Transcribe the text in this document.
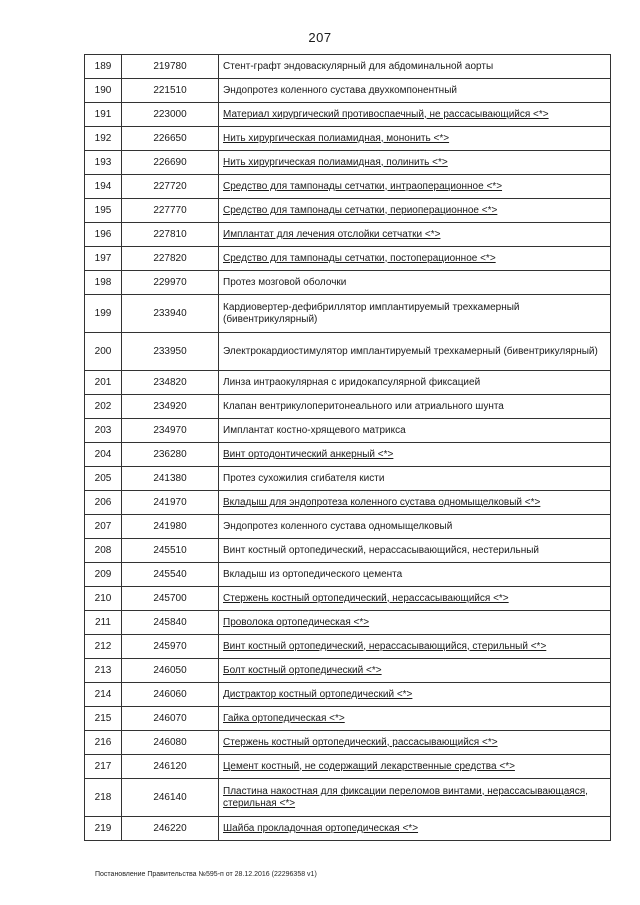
207
189	219780	Стент-графт эндоваскулярный для абдоминальной аорты
190	221510	Эндопротез коленного сустава двухкомпонентный
191	223000	Материал хирургический противоспаечный, не рассасывающийся <*>
192	226650	Нить хирургическая полиамидная, мононить <*>
193	226690	Нить хирургическая полиамидная, полинить <*>
194	227720	Средство для тампонады сетчатки, интраоперационное <*>
195	227770	Средство для тампонады сетчатки, периоперационное <*>
196	227810	Имплантат для лечения отслойки сетчатки <*>
197	227820	Средство для тампонады сетчатки, постоперационное <*>
198	229970	Протез мозговой оболочки
199	233940	Кардиовертер-дефибриллятор имплантируемый трехкамерный (бивентрикулярный)
200	233950	Электрокардиостимулятор имплантируемый трехкамерный (бивентрикулярный)
201	234820	Линза интраокулярная с иридокапсулярной фиксацией
202	234920	Клапан вентрикулоперитонеального или атриального шунта
203	234970	Имплантат костно-хрящевого матрикса
204	236280	Винт ортодонтический анкерный <*>
205	241380	Протез сухожилия сгибателя кисти
206	241970	Вкладыш для эндопротеза коленного сустава одномыщелковый <*>
207	241980	Эндопротез коленного сустава одномыщелковый
208	245510	Винт костный ортопедический, нерассасывающийся, нестерильный
209	245540	Вкладыш из ортопедического цемента
210	245700	Стержень костный ортопедический, нерассасывающийся <*>
211	245840	Проволока ортопедическая <*>
212	245970	Винт костный ортопедический, нерассасывающийся, стерильный <*>
213	246050	Болт костный ортопедический <*>
214	246060	Дистрактор костный ортопедический <*>
215	246070	Гайка ортопедическая <*>
216	246080	Стержень костный ортопедический, рассасывающийся <*>
217	246120	Цемент костный, не содержащий лекарственные средства <*>
218	246140	Пластина накостная для фиксации переломов винтами, нерассасывающаяся, стерильная <*>
219	246220	Шайба прокладочная ортопедическая <*>
Постановление Правительства №595-п от 28.12.2016 (22296358 v1)
